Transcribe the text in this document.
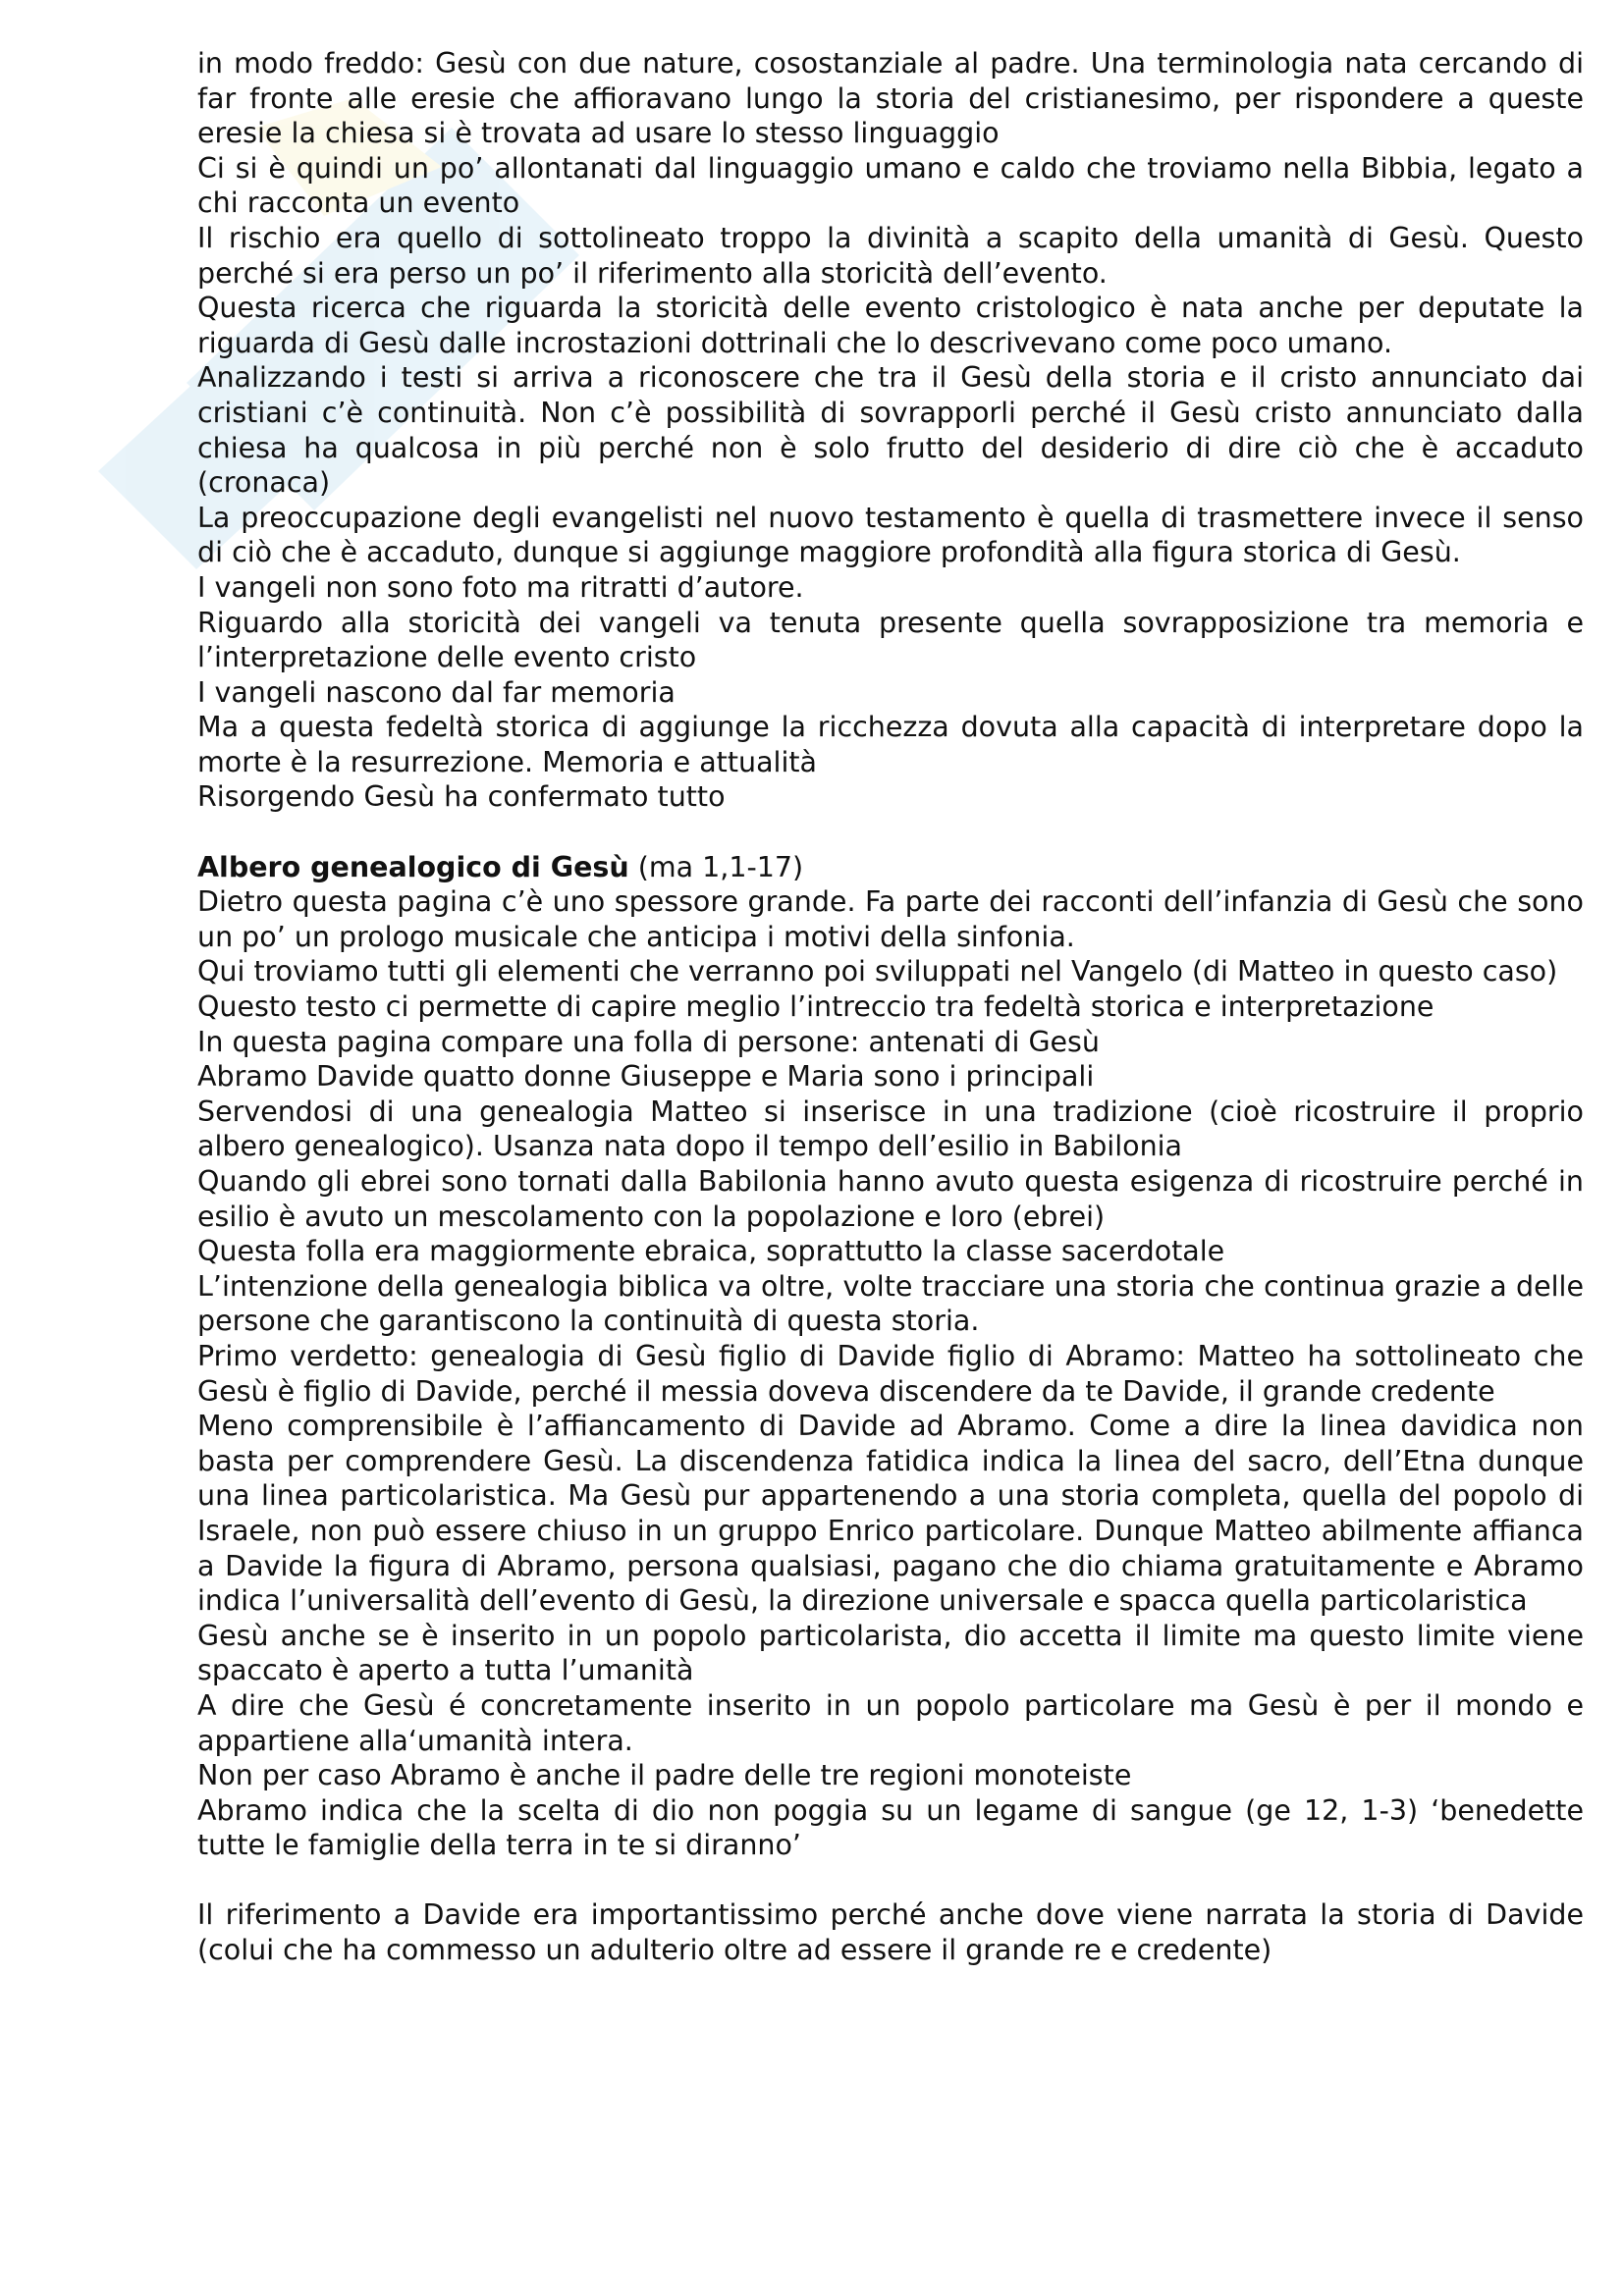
in modo freddo: Gesù con due nature, cosostanziale al padre. Una terminologia nata cercando di far fronte alle eresie che affioravano lungo la storia del cristianesimo, per rispondere a queste eresie la chiesa si è trovata ad usare lo stesso linguaggio

Ci si è quindi un po’ allontanati dal linguaggio umano e caldo che troviamo nella Bibbia, legato a chi racconta un evento

Il rischio era quello di sottolineato troppo la divinità a scapito della umanità di Gesù. Questo perché si era perso un po’ il riferimento alla storicità dell’evento.

Questa ricerca che riguarda la storicità delle evento cristologico è nata anche per deputate la riguarda di Gesù dalle incrostazioni dottrinali che lo descrivevano come poco umano.

Analizzando i testi si arriva a riconoscere che tra il Gesù della storia e il cristo annunciato dai cristiani c’è continuità. Non c’è possibilità di sovrapporli perché il Gesù cristo annunciato dalla chiesa ha qualcosa in più perché non è solo frutto del desiderio di dire ciò che è accaduto (cronaca)

La preoccupazione degli evangelisti nel nuovo testamento è quella di trasmettere invece il senso di ciò che è accaduto, dunque si aggiunge maggiore profondità alla figura storica di Gesù.

I vangeli non sono foto ma ritratti d’autore.

Riguardo alla storicità dei vangeli va tenuta presente quella sovrapposizione tra memoria e l’interpretazione delle evento cristo

I vangeli nascono dal far memoria

Ma a questa fedeltà storica di aggiunge la ricchezza dovuta alla capacità di interpretare dopo la morte è la resurrezione. Memoria e attualità

Risorgendo Gesù ha confermato tutto

Albero genealogico di Gesù (ma 1,1-17)

Dietro questa pagina c’è uno spessore grande. Fa parte dei racconti dell’infanzia di Gesù che sono un po’ un prologo musicale che anticipa i motivi della sinfonia.

Qui troviamo tutti gli elementi che verranno poi sviluppati nel Vangelo (di Matteo in questo caso)

Questo testo ci permette di capire meglio l’intreccio tra fedeltà storica e interpretazione

In questa pagina compare una folla di persone: antenati di Gesù

Abramo Davide quatto donne Giuseppe e Maria sono i principali

Servendosi di una genealogia Matteo si inserisce in una tradizione (cioè ricostruire il proprio albero genealogico). Usanza nata dopo il tempo dell’esilio in Babilonia

Quando gli ebrei sono tornati dalla Babilonia hanno avuto questa esigenza di ricostruire perché in esilio è avuto un mescolamento con la popolazione e loro (ebrei)

Questa folla era maggiormente ebraica, soprattutto la classe sacerdotale

L’intenzione della genealogia biblica va oltre, volte tracciare una storia che continua grazie a delle persone che garantiscono la continuità di questa storia.

Primo verdetto: genealogia di Gesù figlio di Davide figlio di Abramo: Matteo ha sottolineato che Gesù è figlio di Davide, perché il messia doveva discendere da te Davide, il grande credente

Meno comprensibile è l’affiancamento di Davide ad Abramo. Come a dire la linea davidica non basta per comprendere Gesù. La discendenza fatidica indica la linea del sacro, dell’Etna dunque una linea particolaristica. Ma Gesù pur appartenendo a una storia completa, quella del popolo di Israele, non può essere chiuso in un gruppo Enrico particolare. Dunque Matteo abilmente affianca a Davide la figura di Abramo, persona qualsiasi, pagano che dio chiama gratuitamente e Abramo indica l’universalità dell’evento di Gesù, la direzione universale e spacca quella particolaristica

Gesù anche se è inserito in un popolo particolarista, dio accetta il limite ma questo limite viene spaccato è aperto a tutta l’umanità

A dire che Gesù é concretamente inserito in un popolo particolare ma Gesù è per il mondo e appartiene alla‘umanità intera.

Non per caso Abramo è anche il padre delle tre regioni monoteiste

Abramo indica che la scelta di dio non poggia su un legame di sangue (ge 12, 1-3) ‘benedette tutte le famiglie della terra in te si diranno’

Il riferimento a Davide era importantissimo perché anche dove viene narrata la storia di Davide (colui che ha commesso un adulterio oltre ad essere il grande re e credente)
